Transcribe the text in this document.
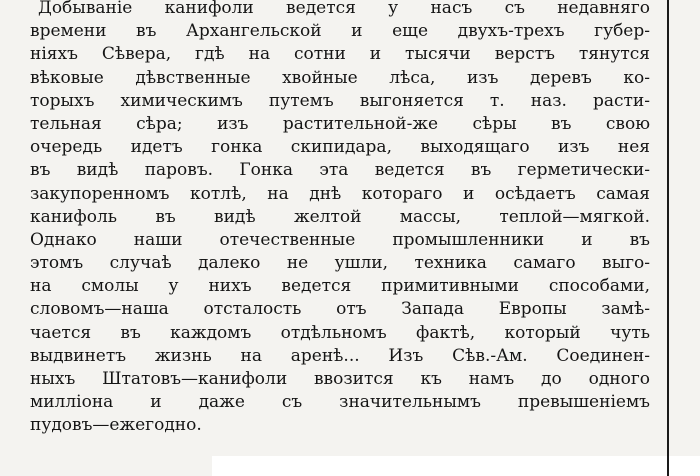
Добываніе канифоли ведется у насъ съ недавняго
времени въ Архангельской и еще двухъ-трехъ губер-
ніяхъ Сѣвера, гдѣ на сотни и тысячи верстъ тянутся
вѣковые дѣвственные хвойные лѣса, изъ деревъ ко-
торыхъ химическимъ путемъ выгоняется т. наз. расти-
тельная сѣра; изъ растительной-же сѣры въ свою
очередь идетъ гонка скипидара, выходящаго изъ нея
въ видѣ паровъ. Гонка эта ведется въ герметически-
закупоренномъ котлѣ, на днѣ котораго и осѣдаетъ самая
канифоль въ видѣ желтой массы, теплой—мягкой.
Однако наши отечественные промышленники и въ
этомъ случаѣ далеко не ушли, техника самаго выго-
на смолы у нихъ ведется примитивными способами,
словомъ—наша отсталость отъ Запада Европы замѣ-
чается въ каждомъ отдѣльномъ фактѣ, который чуть
выдвинетъ жизнь на аренѣ... Изъ Сѣв.-Ам. Соединен-
ныхъ Штатовъ—канифоли ввозится къ намъ до одного
милліона и даже съ значительнымъ превышеніемъ
пудовъ—ежегодно.
